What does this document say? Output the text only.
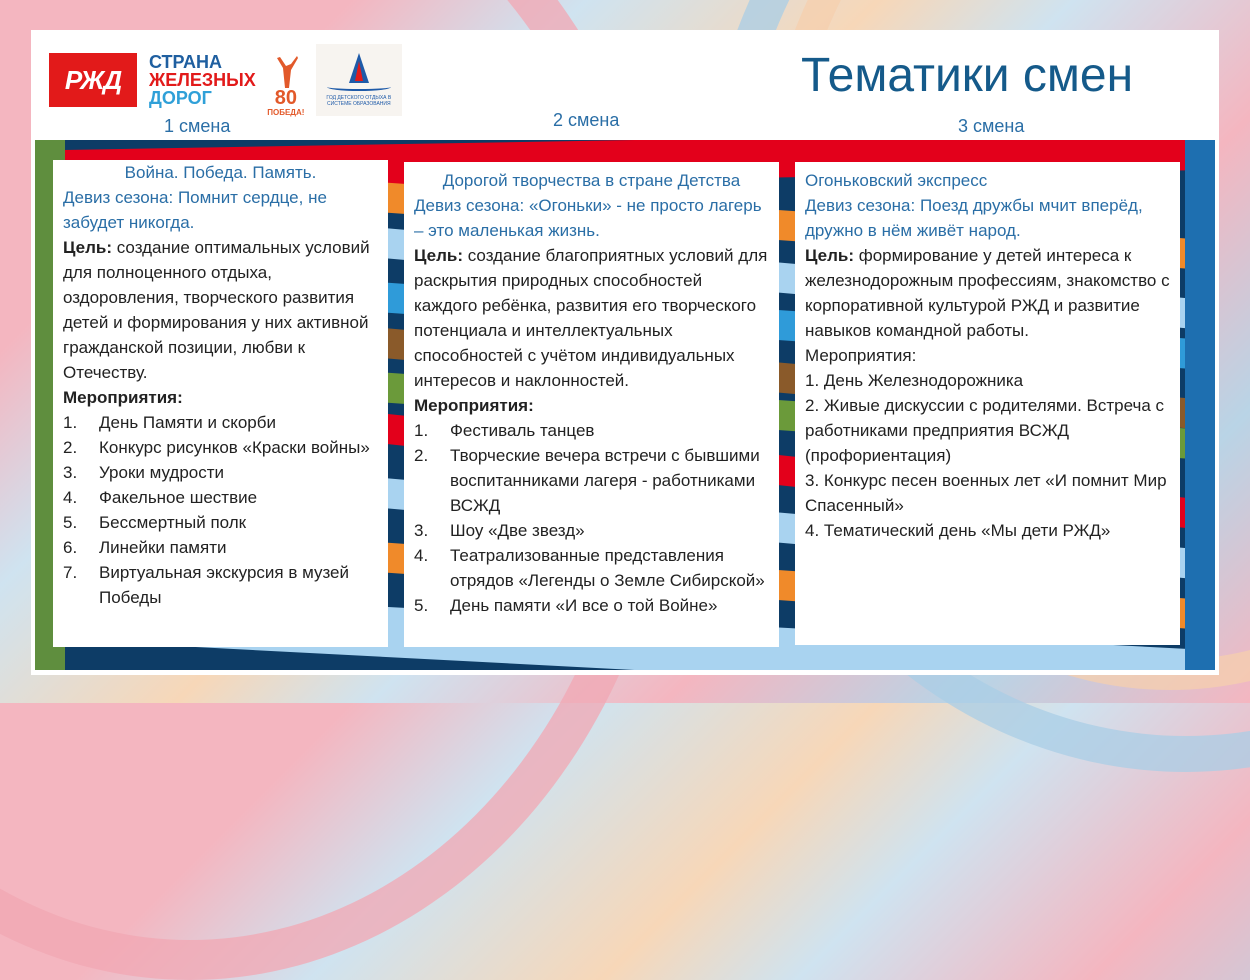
РЖД
СТРАНА
ЖЕЛЕЗНЫХ
ДОРОГ	80
ПОБЕДА!
ГОД ДЕТСКОГО ОТДЫХА В СИСТЕМЕ ОБРАЗОВАНИЯ
Тематики смен
1 смена	2 смена	3 смена
Война. Победа. Память.
Девиз сезона: Помнит сердце, не забудет никогда.
Цель: создание оптимальных условий для полноценного отдыха, оздоровления, творческого развития детей и формирования у них активной гражданской позиции, любви к Отечеству.
Мероприятия:
1.	День Памяти и скорби
2.	Конкурс рисунков «Краски войны»
3.	Уроки мудрости
4.	Факельное шествие
5.	Бессмертный полк
6.	Линейки памяти
7.	Виртуальная экскурсия в музей Победы
Дорогой творчества в стране Детства
Девиз сезона: «Огоньки» - не просто лагерь – это маленькая жизнь.
Цель: создание благоприятных условий для раскрытия природных способностей каждого ребёнка, развития его творческого потенциала и интеллектуальных способностей с учётом индивидуальных интересов и наклонностей.
Мероприятия:
1.	Фестиваль танцев
2.	Творческие вечера встречи с бывшими воспитанниками лагеря - работниками ВСЖД
3.	Шоу «Две звезд»
4.	Театрализованные представления отрядов «Легенды о Земле Сибирской»
5.	День памяти «И все о той Войне»
Огоньковский экспресс
Девиз сезона: Поезд дружбы мчит вперёд, дружно в нём живёт народ.
Цель: формирование у детей интереса к железнодорожным профессиям, знакомство с корпоративной культурой РЖД и развитие навыков командной работы.
Мероприятия:
1.
День Железнодорожника
2. Живые дискуссии с родителями. Встреча с работниками предприятия ВСЖД (профориентация)
3. Конкурс песен военных лет «И помнит Мир Спасенный»
4. Тематический день «Мы дети РЖД»
